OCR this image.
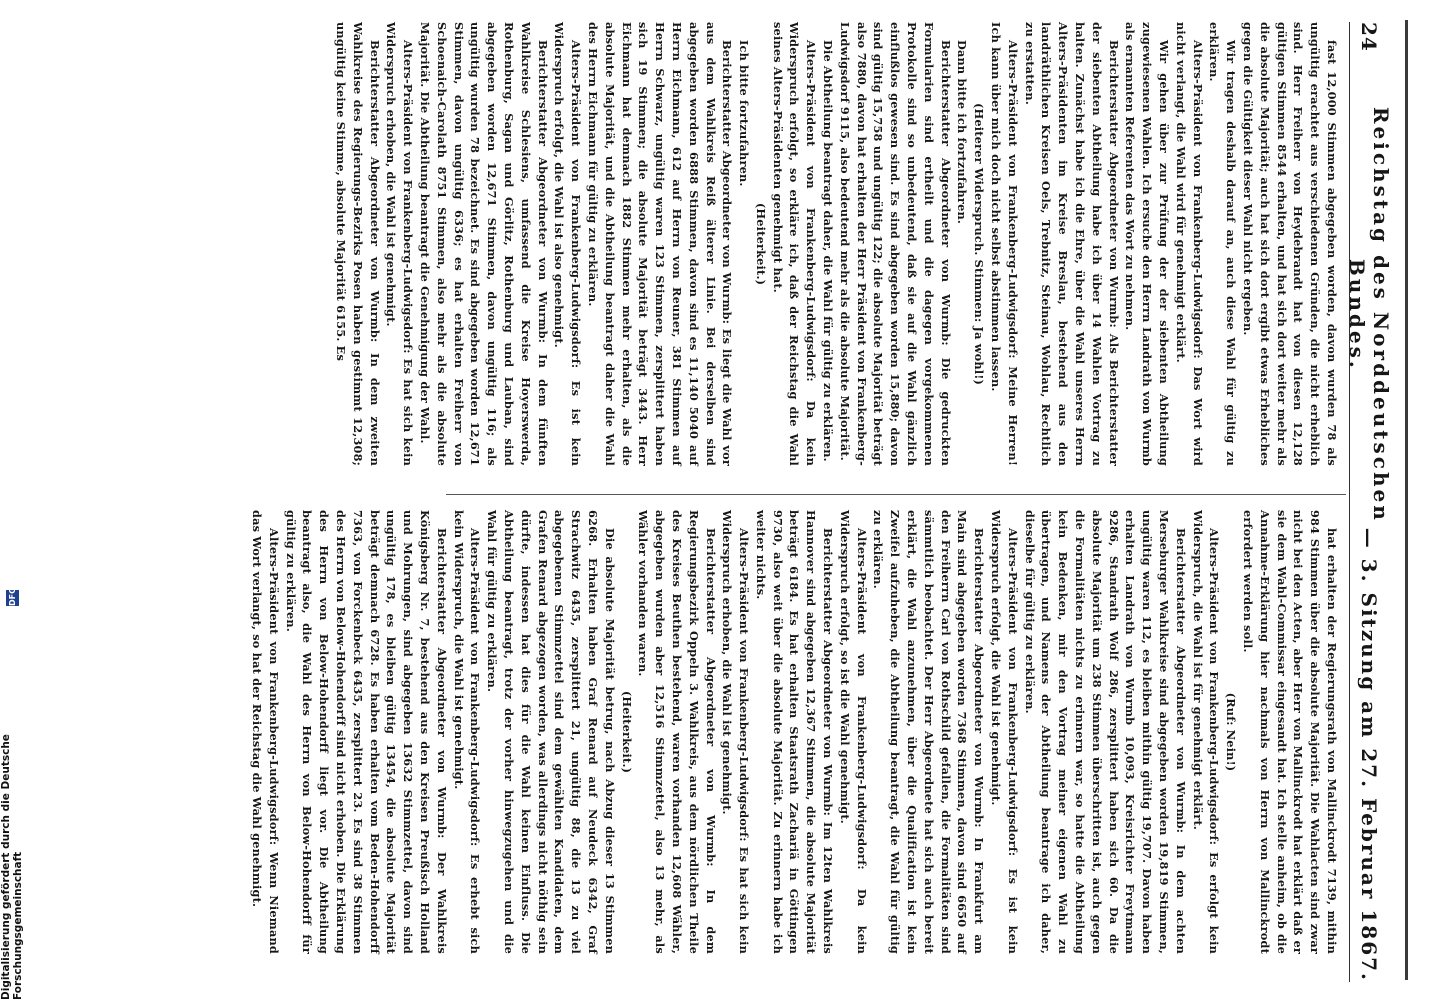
24
Reichstag des Norddeutschen Bundes.
— 3. Sitzung am 27. Februar 1867.

fast 12,000 Stimmen abgegeben worden, davon wurden 78 als ungültig erachtet aus verschiedenen Gründen, die nicht erheblich sind. Herr Freiherr von Heydebrandt hat von diesen 12,128 gültigen Stimmen 8544 erhalten, und hat sich dort weiter mehr als die absolute Majorität; auch hat sich dort ergibt etwas Erhebliches gegen die Gültigkeit dieser Wahl nicht ergeben.

Wir tragen deshalb darauf an, auch diese Wahl für gültig zu erklären.

Alters-Präsident von Frankenberg-Ludwigsdorf: Das Wort wird nicht verlangt, die Wahl wird für genehmigt erklärt.

Wir gehen über zur Prüfung der der siebenten Abtheilung zugewiesenen Wahlen. Ich ersuche den Herrn Landrath von Wurmb als ernannten Referenten das Wort zu nehmen.

Berichterstatter Abgeordneter von Wurmb: Als Berichterstatter der siebenten Abtheilung habe ich über 14 Wahlen Vortrag zu halten. Zunächst habe ich die Ehre, über die Wahl unseres Herrn Alters-Präsidenten im Kreise Breslau, bestehend aus den landräthlichen Kreisen Oels, Trebnitz, Steinau, Wohlau, Rechtlich zu erstatten.

Alters-Präsident von Frankenberg-Ludwigsdorf: Meine Herren! Ich kann über mich doch nicht selbst abstimmen lassen.

(Heiterer Widerspruch. Stimmen: Ja wohl!)

Dann bitte ich fortzufahren.

Berichterstatter Abgeordneter von Wurmb: Die gedruckten Formularien sind ertheilt und die dagegen vorgekommenen Protokolle sind so unbedeutend, daß sie auf die Wahl gänzlich einflußlos gewesen sind. Es sind abgegeben worden 15,880; davon sind gültig 15,758 und ungültig 122; die absolute Majorität beträgt also 7880, davon hat erhalten der Herr Präsident von Frankenberg-Ludwigsdorf 9115, also bedeutend mehr als die absolute Majorität.

Die Abtheilung beantragt daher, die Wahl für gültig zu erklären.

Alters-Präsident von Frankenberg-Ludwigsdorf: Da kein Widerspruch erfolgt, so erkläre ich, daß der Reichstag die Wahl seines Alters-Präsidenten genehmigt hat.

(Heiterkeit.)

Ich bitte fortzufahren.

Berichterstatter Abgeordneter von Wurmb: Es liegt die Wahl vor aus dem Wahlkreis Reiß älterer Linie. Bei derselben sind abgegeben worden 6888 Stimmen, davon sind es 11,140 5040 auf Herrn Eichmann, 612 auf Herrn von Reuner, 381 Stimmen auf Herrn Schwarz, ungültig waren 123 Stimmen, zersplittert haben sich 19 Stimmen; die absolute Majorität beträgt 3443. Herr Eichmann hat demnach 1882 Stimmen mehr erhalten, als die absolute Majorität, und die Abtheilung beantragt daher die Wahl des Herrn Eichmann für gültig zu erklären.

Alters-Präsident von Frankenberg-Ludwigsdorf: Es ist kein Widerspruch erfolgt, die Wahl ist also genehmigt.

Berichterstatter Abgeordneter von Wurmb: In dem fünften Wahlkreise Schlesiens, umfassend die Kreise Hoyerswerda, Rothenburg, Sagan und Görlitz, Rothenburg und Lauban, sind abgegeben worden 12,671 Stimmen, davon ungültig 116; als ungültig wurden 78 bezeichnet. Es sind abgegeben worden 12,671 Stimmen, davon ungültig 6336; es hat erhalten Freiherr von Schoenaich-Carolath 8751 Stimmen, also mehr als die absolute Majorität. Die Abtheilung beantragt die Genehmigung der Wahl.

Alters-Präsident von Frankenberg-Ludwigsdorf: Es hat sich kein Widerspruch erhoben, die Wahl ist genehmigt.

Berichterstatter Abgeordneter von Wurmb: In dem zweiten Wahlkreise des Regierungs-Bezirks Posen haben gestimmt 12,308; ungültig keine Stimme, absolute Majorität 6155. Es

hat erhalten der Regierungsrath von Mallinckrodt 7139, mithin 984 Stimmen über die absolute Majorität. Die Wahlacten sind zwar nicht bei den Acten, aber Herr von Mallinckrodt hat erklärt daß er sie dem Wahl-Commissar eingesandt hat. Ich stelle anheim, ob die Annahme-Erklärung hier nachmals von Herrn von Mallinckrodt erfordert werden soll.

(Ruf: Nein!)

Alters-Präsident von Frankenberg-Ludwigsdorf: Es erfolgt kein Widerspruch, die Wahl ist für genehmigt erklärt.

Berichterstatter Abgeordneter von Wurmb: In dem achten Merseburger Wahlkreise sind abgegeben worden 19,819 Stimmen, ungültig waren 112, es bleiben mithin gültig 19,707. Davon haben erhalten Landrath von Wurmb 10,093, Kreisrichter Freytmann 9286, Standrath Wolf 286, zersplittert haben sich 60. Da die absolute Majorität um 238 Stimmen überschritten ist, auch gegen die Formalitäten nichts zu erinnern war, so hatte die Abtheilung kein Bedenken, mir den Vortrag meiner eigenen Wahl zu übertragen, und Namens der Abtheilung beantrage ich daher, dieselbe für gültig zu erklären.

Alters-Präsident von Frankenberg-Ludwigsdorf: Es ist kein Widerspruch erfolgt, die Wahl ist genehmigt.

Berichterstatter Abgeordneter von Wurmb: In Frankfurt am Main sind abgegeben worden 7368 Stimmen, davon sind 6650 auf den Freiherrn Carl von Rothschild gefallen, die Formalitäten sind sämmtlich beobachtet. Der Herr Abgeordnete hat sich auch bereit erklärt, die Wahl anzunehmen, über die Qualification ist kein Zweifel aufzuheben, die Abtheilung beantragt, die Wahl für gültig zu erklären.

Alters-Präsident von Frankenberg-Ludwigsdorf: Da kein Widerspruch erfolgt, so ist die Wahl genehmigt.

Berichterstatter Abgeordneter von Wurmb: Im 12ten Wahlkreis Hannover sind abgegeben 12,367 Stimmen, die absolute Majorität beträgt 6184. Es hat erhalten Staatsrath Zachariä in Göttingen 9730, also weit über die absolute Majorität. Zu erinnern habe ich weiter nichts.

Alters-Präsident von Frankenberg-Ludwigsdorf: Es hat sich kein Widerspruch erhoben, die Wahl ist genehmigt.

Berichterstatter Abgeordneter von Wurmb: In dem Regierungsbezirk Oppeln 3. Wahlkreis, aus dem nördlichen Theile des Kreises Beuthen bestehend, waren vorhanden 12,608 Wähler, abgegeben wurden aber 12,516 Stimmzettel, also 13 mehr, als Wähler vorhanden waren.

(Heiterkeit.)

Die absolute Majorität betrug, nach Abzug dieser 13 Stimmen 6268. Erhalten haben Graf Renard auf Neudeck 6342, Graf Strachwitz 6435, zersplittert 21, ungültig 88, die 13 zu viel abgegebenen Stimmzettel sind dem gewählten Kandidaten, dem Grafen Renard abgezogen worden, was allerdings nicht nöthig sein dürfte, indessen hat dies für die Wahl keinen Einfluss. Die Abtheilung beantragt, trotz der vorher hinwegzugehen und die Wahl für gültig zu erklären.

Alters-Präsident von Frankenberg-Ludwigsdorf: Es erhebt sich kein Widerspruch, die Wahl ist genehmigt.

Berichterstatter Abgeordneter von Wurmb: Der Wahlkreis Königsberg Nr. 7, bestehend aus den Kreisen Preußisch Holland und Mohrungen, sind abgegeben 13632 Stimmzettel, davon sind ungültig 178, es bleiben gültig 13454, die absolute Majorität beträgt demnach 6728. Es haben erhalten vom Beden-Hohendorff 7363, von Forckenbeck 6435, zersplittert 23. Es sind 38 Stimmen des Herrn von Below-Hohendorff sind nicht erhoben. Die Erklärung des Herrn von Below-Hohendorff liegt vor. Die Abtheilung beantragt also, die Wahl des Herrn von Below-Hohendorff für gültig zu erklären.

Alters-Präsident von Frankenberg-Ludwigsdorf: Wenn Niemand das Wort verlangt, so hat der Reichstag die Wahl genehmigt.

Digitalisierung gefördert durch die Deutsche Forschungsgemeinschaft
DFG
